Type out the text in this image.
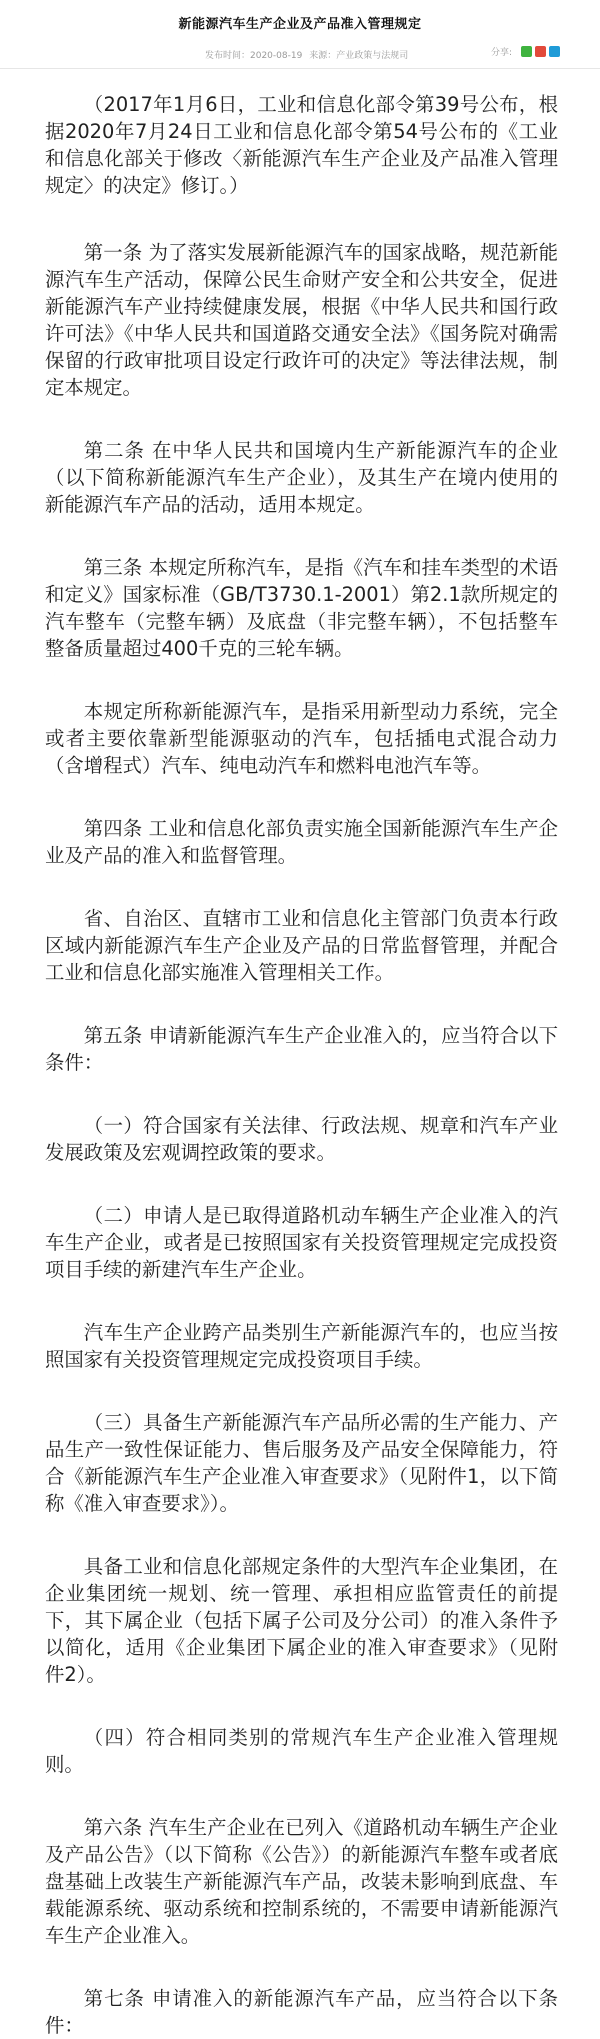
新能源汽车生产企业及产品准入管理规定
发布时间：2020-08-19 来源：产业政策与法规司	分享:

（2017年1月6日，工业和信息化部令第39号公布，根据2020年7月24日工业和信息化部令第54号公布的《工业和信息化部关于修改〈新能源汽车生产企业及产品准入管理规定〉的决定》修订。）

第一条 为了落实发展新能源汽车的国家战略，规范新能源汽车生产活动，保障公民生命财产安全和公共安全，促进新能源汽车产业持续健康发展，根据《中华人民共和国行政许可法》《中华人民共和国道路交通安全法》《国务院对确需保留的行政审批项目设定行政许可的决定》等法律法规，制定本规定。

第二条 在中华人民共和国境内生产新能源汽车的企业（以下简称新能源汽车生产企业），及其生产在境内使用的新能源汽车产品的活动，适用本规定。

第三条 本规定所称汽车，是指《汽车和挂车类型的术语和定义》国家标准（GB/T3730.1-2001）第2.1款所规定的汽车整车（完整车辆）及底盘（非完整车辆），不包括整车整备质量超过400千克的三轮车辆。

本规定所称新能源汽车，是指采用新型动力系统，完全或者主要依靠新型能源驱动的汽车，包括插电式混合动力（含增程式）汽车、纯电动汽车和燃料电池汽车等。

第四条 工业和信息化部负责实施全国新能源汽车生产企业及产品的准入和监督管理。

省、自治区、直辖市工业和信息化主管部门负责本行政区域内新能源汽车生产企业及产品的日常监督管理，并配合工业和信息化部实施准入管理相关工作。

第五条 申请新能源汽车生产企业准入的，应当符合以下条件：

（一）符合国家有关法律、行政法规、规章和汽车产业发展政策及宏观调控政策的要求。

（二）申请人是已取得道路机动车辆生产企业准入的汽车生产企业，或者是已按照国家有关投资管理规定完成投资项目手续的新建汽车生产企业。

汽车生产企业跨产品类别生产新能源汽车的，也应当按照国家有关投资管理规定完成投资项目手续。

（三）具备生产新能源汽车产品所必需的生产能力、产品生产一致性保证能力、售后服务及产品安全保障能力，符合《新能源汽车生产企业准入审查要求》（见附件1，以下简称《准入审查要求》）。

具备工业和信息化部规定条件的大型汽车企业集团，在企业集团统一规划、统一管理、承担相应监管责任的前提下，其下属企业（包括下属子公司及分公司）的准入条件予以简化，适用《企业集团下属企业的准入审查要求》（见附件2）。

（四）符合相同类别的常规汽车生产企业准入管理规则。

第六条 汽车生产企业在已列入《道路机动车辆生产企业及产品公告》（以下简称《公告》）的新能源汽车整车或者底盘基础上改装生产新能源汽车产品，改装未影响到底盘、车载能源系统、驱动系统和控制系统的，不需要申请新能源汽车生产企业准入。

第七条 申请准入的新能源汽车产品，应当符合以下条件：
